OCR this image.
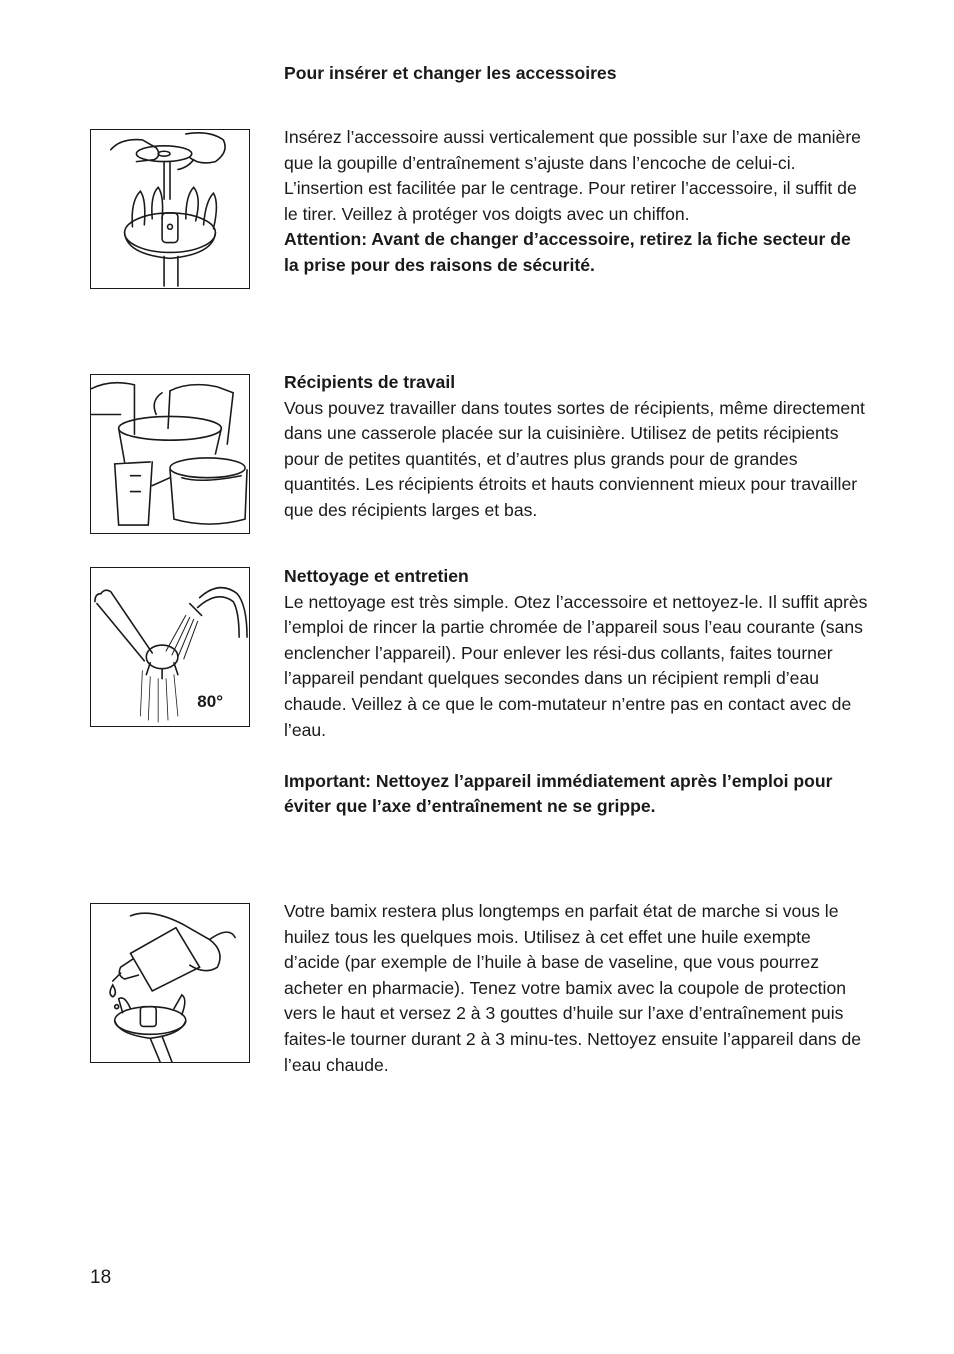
Pour insérer et changer les accessoires

Insérez l’accessoire aussi verticalement que possible sur l’axe de manière que la goupille d’entraînement s’ajuste dans l’encoche de celui-ci. L’insertion est facilitée par le centrage. Pour retirer l’accessoire, il suffit de le tirer. Veillez à protéger vos doigts avec un chiffon.

Attention: Avant de changer d’accessoire, retirez la fiche secteur de la prise pour des raisons de sécurité.

Récipients de travail

Vous pouvez travailler dans toutes sortes de récipients, même directement dans une casserole placée sur la cuisinière. Utilisez de petits récipients pour de petites quantités, et d’autres plus grands pour de grandes quantités. Les récipients étroits et hauts conviennent mieux pour travailler que des récipients larges et bas.

80°

Nettoyage et entretien

Le nettoyage est très simple. Otez l’accessoire et nettoyez-le. Il suffit après l’emploi de rincer la partie chromée de l’appareil sous l’eau courante (sans enclencher l’appareil). Pour enlever les rési-dus collants, faites tourner l’appareil pendant quelques secondes dans un récipient rempli d’eau chaude. Veillez à ce que le com-mutateur n’entre pas en contact avec de l’eau.

Important: Nettoyez l’appareil immédiatement après l’emploi pour éviter que l’axe d’entraînement ne se grippe.

Votre bamix restera plus longtemps en parfait état de marche si vous le huilez tous les quelques mois. Utilisez à cet effet une huile exempte d’acide (par exemple de l’huile à base de vaseline, que vous pourrez acheter en pharmacie). Tenez votre bamix avec la coupole de protection vers le haut et versez 2 à 3 gouttes d’huile sur l’axe d’entraînement puis faites-le tourner durant 2 à 3 minu-tes. Nettoyez ensuite l’appareil dans de l’eau chaude.

18
